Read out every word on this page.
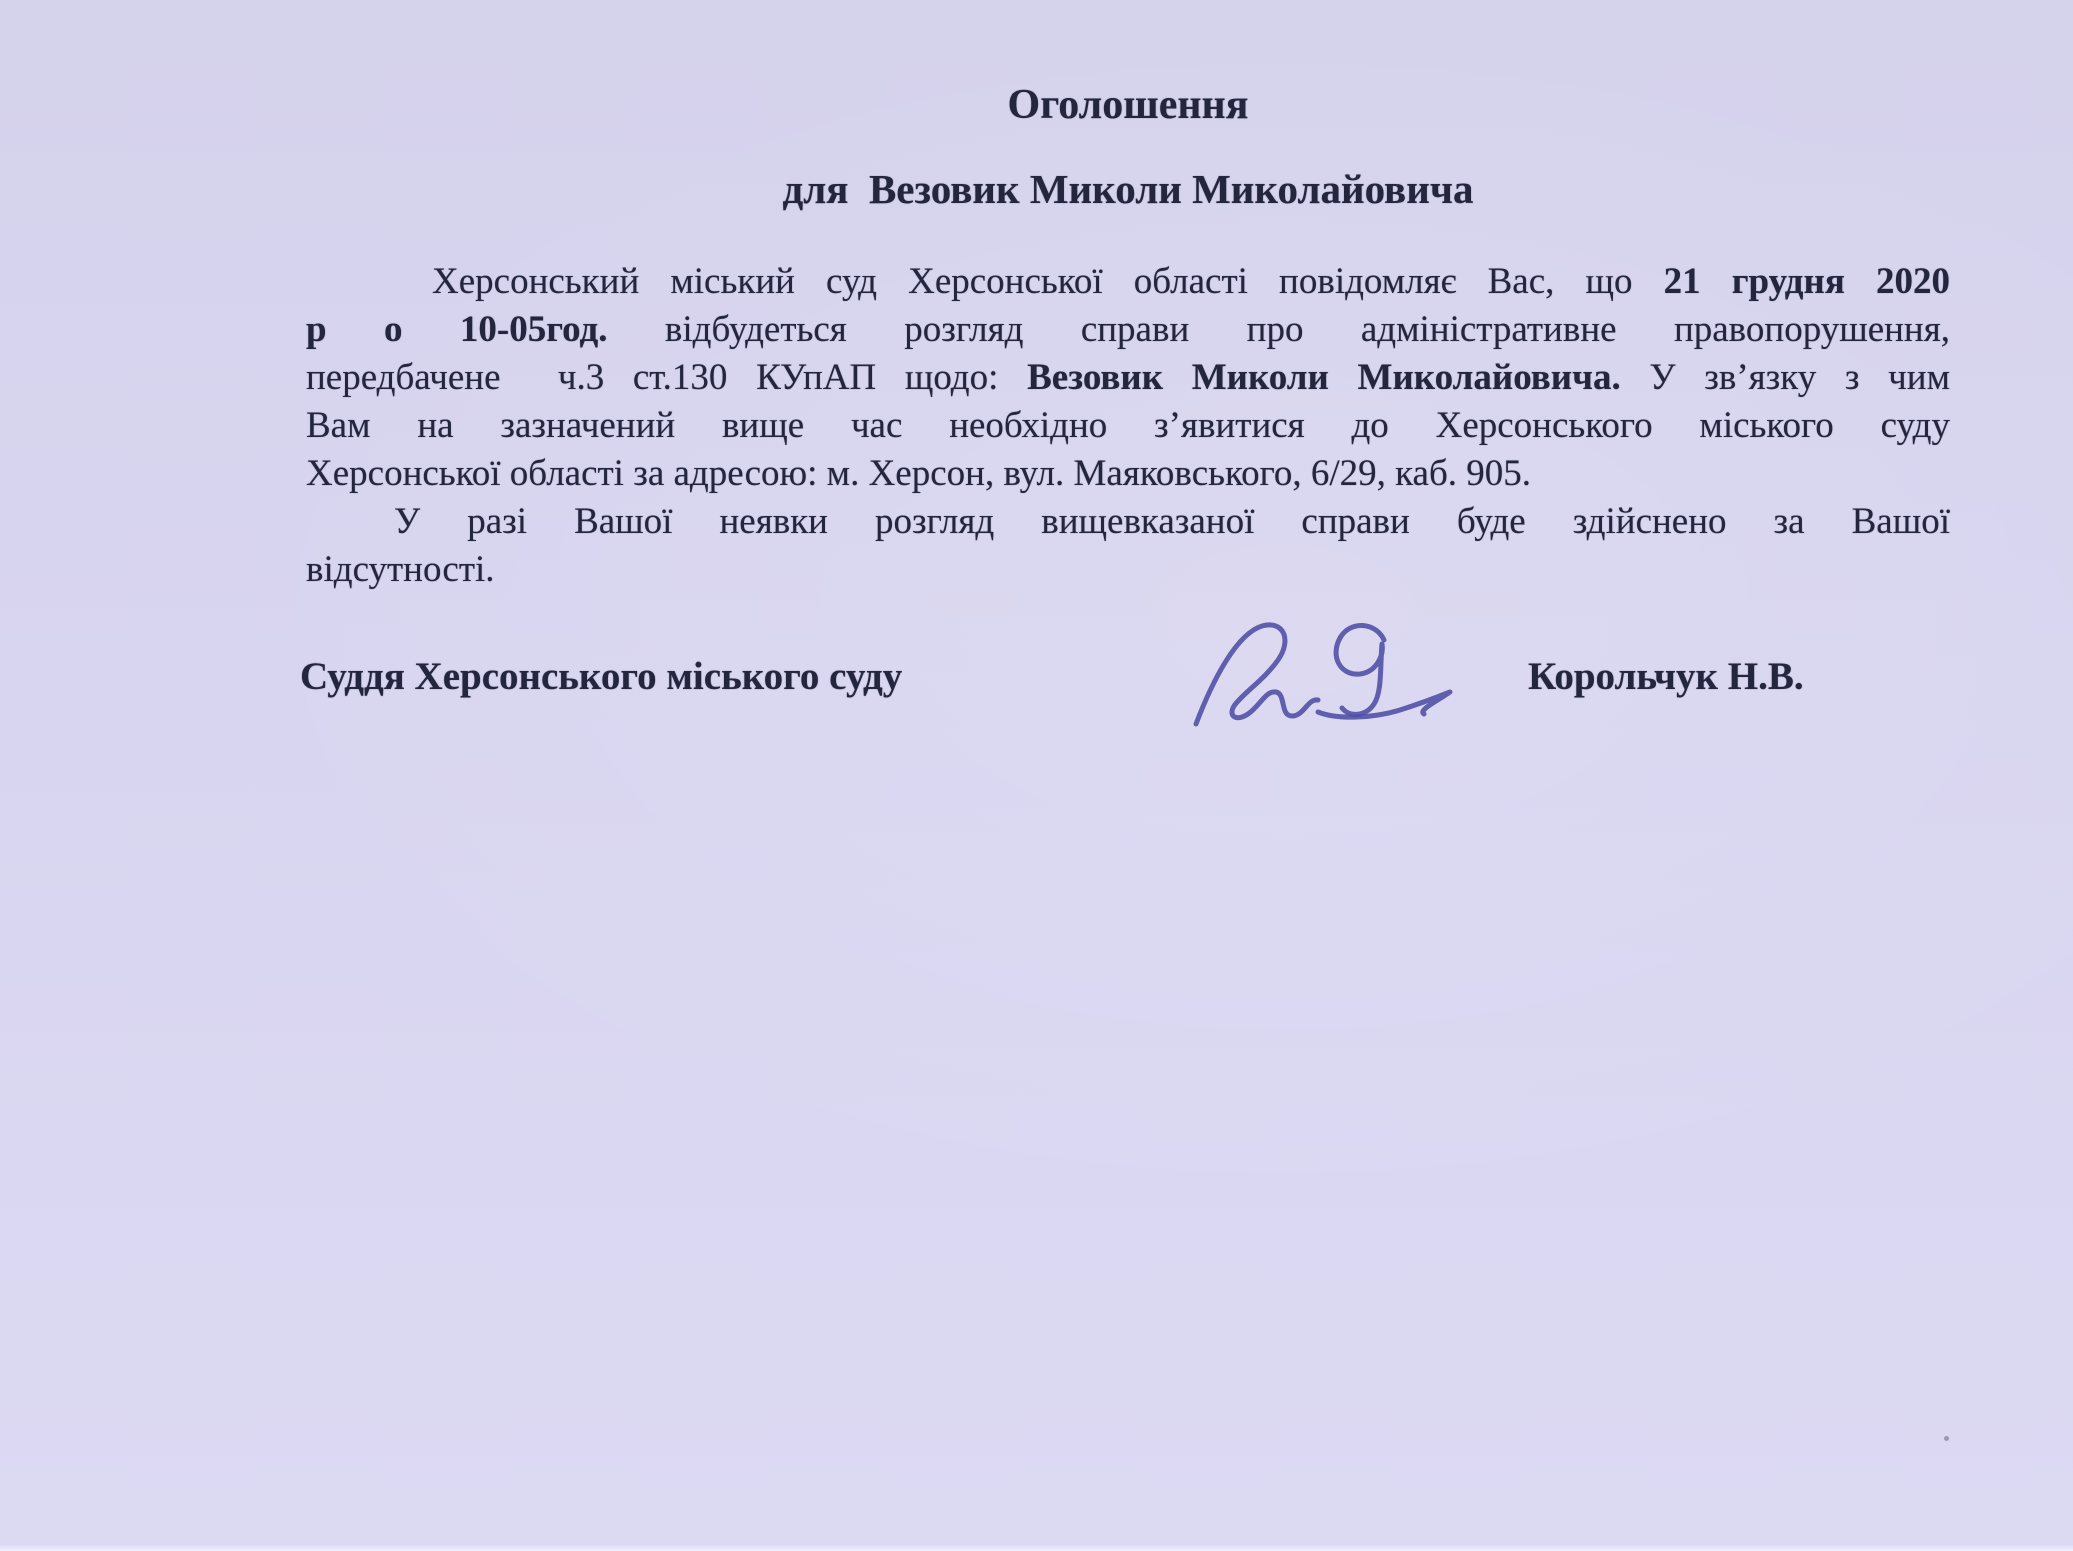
Оголошення
для  Везовик Миколи Миколайовича
Херсонський міський суд Херсонської області повідомляє Вас, що 21 грудня 2020
р о 10-05год. відбудеться розгляд справи про адміністративне правопорушення,
передбачене  ч.3 ст.130 КУпАП щодо: Везовик Миколи Миколайовича. У зв’язку з чим
Вам на зазначений вище час необхідно з’явитися до Херсонського міського суду
Херсонської області за адресою: м. Херсон, вул. Маяковського, 6/29, каб. 905.
У разі Вашої неявки розгляд вищевказаної справи буде здійснено за Вашої
відсутності.
Суддя Херсонського міського суду	Корольчук Н.В.
